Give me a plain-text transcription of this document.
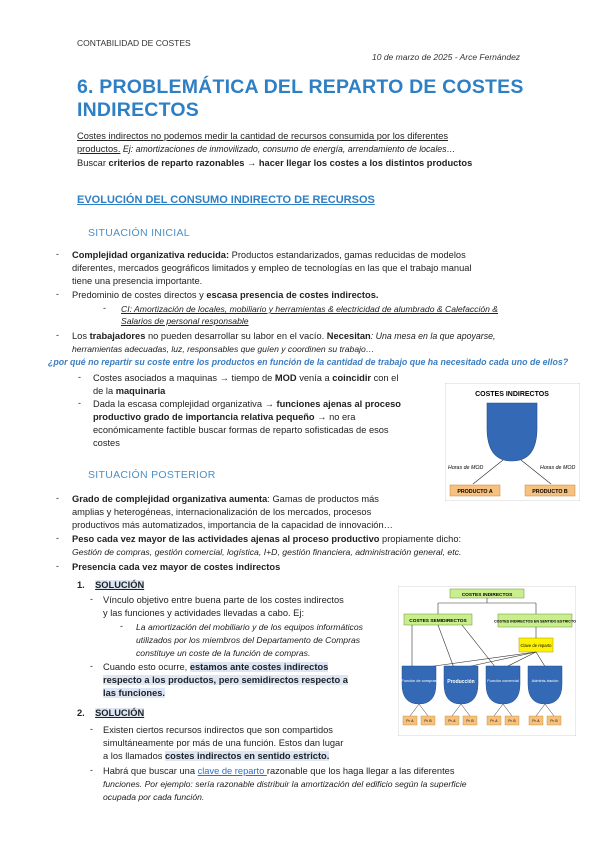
CONTABILIDAD DE COSTES
10 de marzo de 2025 - Arce Fernández
6. PROBLEMÁTICA DEL REPARTO DE COSTES INDIRECTOS
Costes indirectos no podemos medir la cantidad de recursos consumida por los diferentes
productos. Ej: amortizaciones de inmovilizado, consumo de energía, arrendamiento de locales…
Buscar criterios de reparto razonables → hacer llegar los costes a los distintos productos
EVOLUCIÓN DEL CONSUMO INDIRECTO DE RECURSOS
SITUACIÓN INICIAL
- Complejidad organizativa reducida: Productos estandarizados, gamas reducidas de modelos
diferentes, mercados geográficos limitados y empleo de tecnologías en las que el trabajo manual
tiene una presencia importante.
- Predominio de costes directos y escasa presencia de costes indirectos.
- CI: Amortización de locales, mobiliario y herramientas & electricidad de alumbrado & Calefacción &
Salarios de personal responsable
- Los trabajadores no pueden desarrollar su labor en el vacío. Necesitan: Una mesa en la que apoyarse,
herramientas adecuadas, luz, responsables que guíen y coordinen su trabajo…
¿por qué no repartir su coste entre los productos en función de la cantidad de trabajo que ha necesitado cada uno de ellos?
- Costes asociados a maquinas → tiempo de MOD venía a coincidir con el
de la maquinaria
- Dada la escasa complejidad organizativa → funciones ajenas al proceso
productivo grado de importancia relativa pequeño → no era
económicamente factible buscar formas de reparto sofisticadas de esos
costes
COSTES INDIRECTOS
Horas de MOD	Horas de MOD
PRODUCTO A	PRODUCTO B
SITUACIÓN POSTERIOR
- Grado de complejidad organizativa aumenta: Gamas de productos más
amplias y heterogéneas, internacionalización de los mercados, procesos
productivos más automatizados, importancia de la capacidad de innovación…
- Peso cada vez mayor de las actividades ajenas al proceso productivo propiamente dicho:
Gestión de compras, gestión comercial, logística, I+D, gestión financiera, administración general, etc.
- Presencia cada vez mayor de costes indirectos
1. SOLUCIÓN
- Vínculo objetivo entre buena parte de los costes indirectos
y las funciones y actividades llevadas a cabo. Ej:
- La amortización del mobiliario y de los equipos informáticos
utilizados por los miembros del Departamento de Compras
constituye un coste de la función de compras.
- Cuando esto ocurre, estamos ante costes indirectos
respecto a los productos, pero semidirectos respecto a
las funciones.
2. SOLUCIÓN
- Existen ciertos recursos indirectos que son compartidos
simultáneamente por más de una función. Estos dan lugar
a los llamados costes indirectos en sentido estricto.
- Habrá que buscar una clave de reparto razonable que los haga llegar a las diferentes
funciones. Por ejemplo: sería razonable distribuir la amortización del edificio según la superficie
ocupada por cada función.
COSTES INDIRECTOS
COSTES SEMIDIRECTOS	COSTES INDIRECTOS EN SENTIDO ESTRICTO
Clave de reparto
Función de compras Producción	Función comercial	Adminis-tración
Pr. A	Pr. B	Pr. A	Pr. B	Pr. A	Pr. B	Pr. A	Pr. B
